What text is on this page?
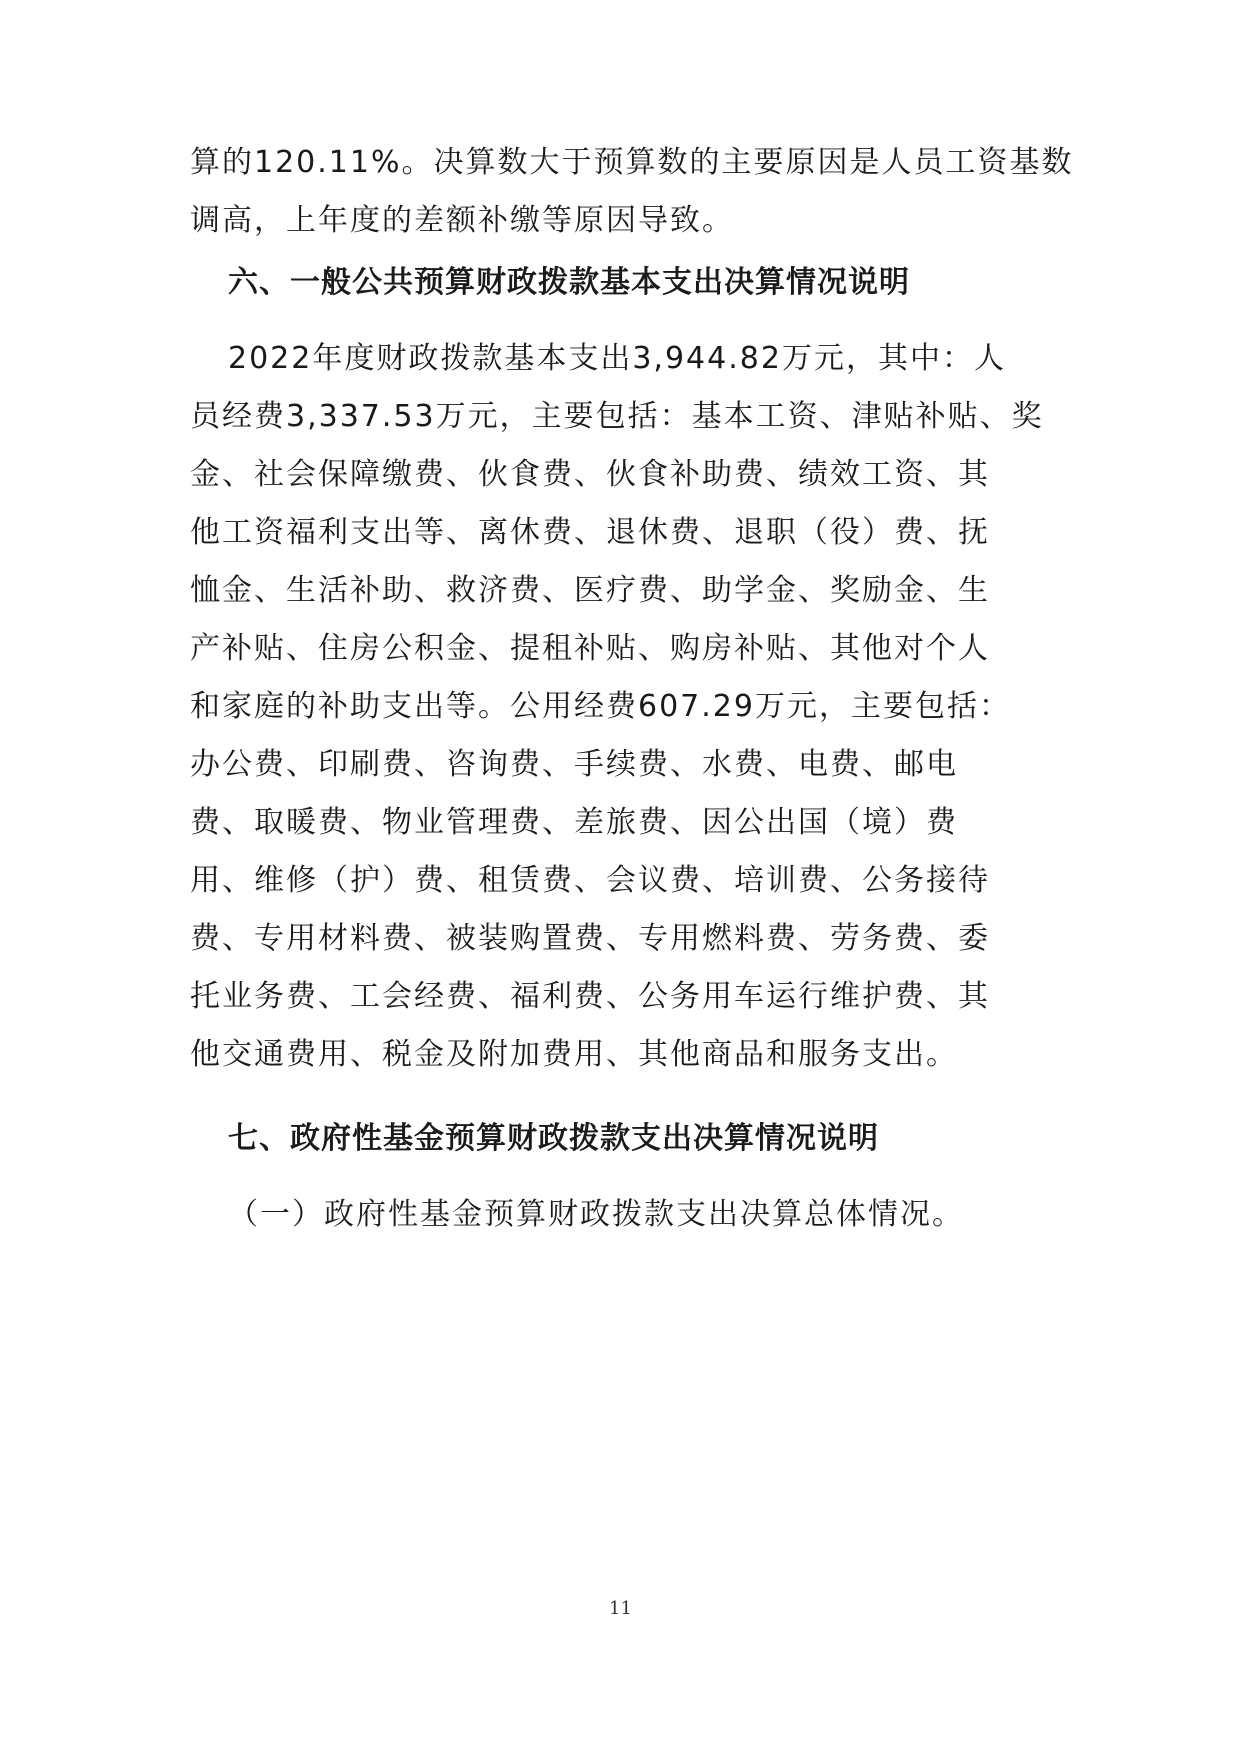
算的120.11%。决算数大于预算数的主要原因是人员工资基数
调高，上年度的差额补缴等原因导致。
六、一般公共预算财政拨款基本支出决算情况说明
2022年度财政拨款基本支出3,944.82万元，其中：人
员经费3,337.53万元，主要包括：基本工资、津贴补贴、奖
金、社会保障缴费、伙食费、伙食补助费、绩效工资、其
他工资福利支出等、离休费、退休费、退职（役）费、抚
恤金、生活补助、救济费、医疗费、助学金、奖励金、生
产补贴、住房公积金、提租补贴、购房补贴、其他对个人
和家庭的补助支出等。公用经费607.29万元，主要包括：
办公费、印刷费、咨询费、手续费、水费、电费、邮电
费、取暖费、物业管理费、差旅费、因公出国（境）费
用、维修（护）费、租赁费、会议费、培训费、公务接待
费、专用材料费、被装购置费、专用燃料费、劳务费、委
托业务费、工会经费、福利费、公务用车运行维护费、其
他交通费用、税金及附加费用、其他商品和服务支出。
七、政府性基金预算财政拨款支出决算情况说明
（一）政府性基金预算财政拨款支出决算总体情况。
11
